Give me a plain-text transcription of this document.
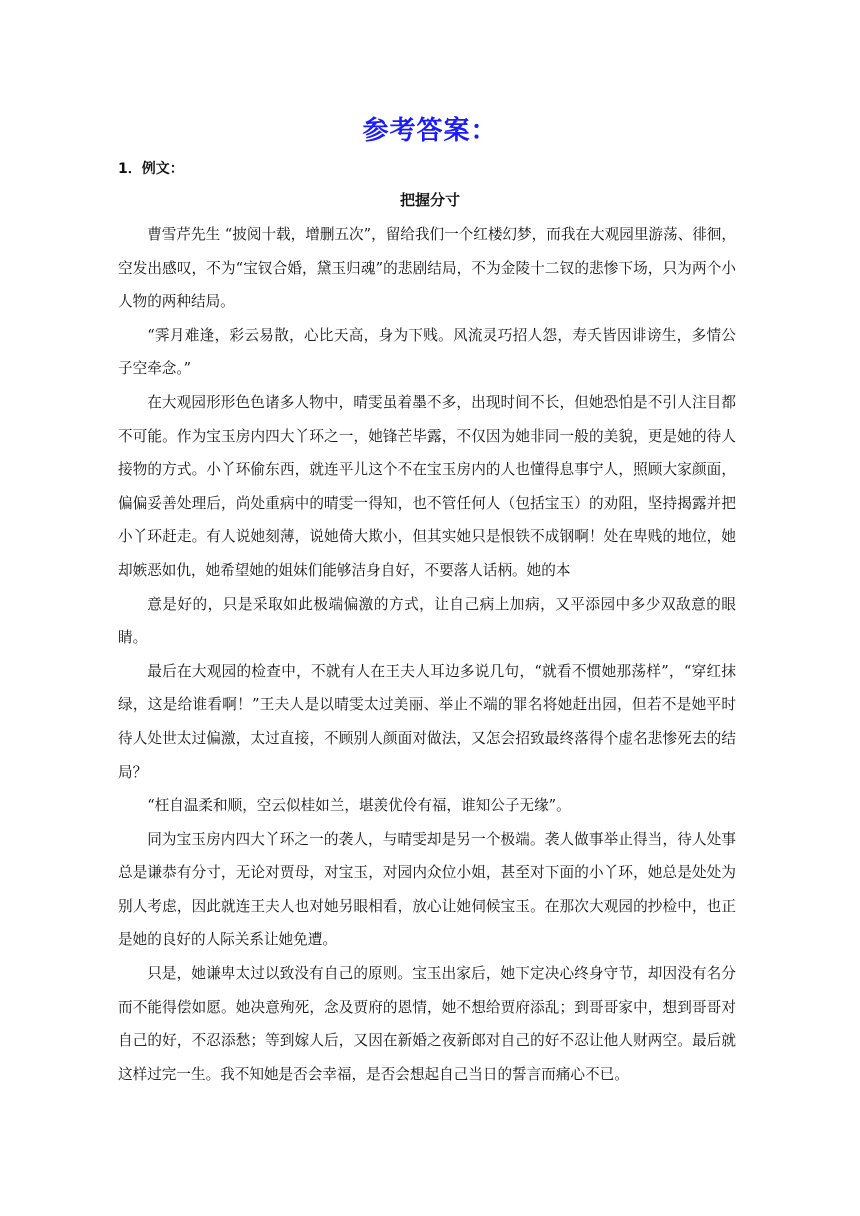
参考答案：
1．例文：
把握分寸

曹雪芹先生 “披阅十载，增删五次”，留给我们一个红楼幻梦，而我在大观园里游荡、徘徊，空发出感叹，不为“宝钗合婚，黛玉归魂”的悲剧结局，不为金陵十二钗的悲惨下场，只为两个小人物的两种结局。

“霁月难逢，彩云易散，心比天高，身为下贱。风流灵巧招人怨，寿夭皆因诽谤生，多情公子空牵念。”

在大观园形形色色诸多人物中，晴雯虽着墨不多，出现时间不长，但她恐怕是不引人注目都不可能。作为宝玉房内四大丫环之一，她锋芒毕露，不仅因为她非同一般的美貌，更是她的待人接物的方式。小丫环偷东西，就连平儿这个不在宝玉房内的人也懂得息事宁人，照顾大家颜面，偏偏妥善处理后，尚处重病中的晴雯一得知，也不管任何人（包括宝玉）的劝阻，坚持揭露并把小丫环赶走。有人说她刻薄，说她倚大欺小，但其实她只是恨铁不成钢啊！处在卑贱的地位，她却嫉恶如仇，她希望她的姐妹们能够洁身自好，不要落人话柄。她的本

意是好的，只是采取如此极端偏激的方式，让自己病上加病，又平添园中多少双敌意的眼睛。

最后在大观园的检查中，不就有人在王夫人耳边多说几句，“就看不惯她那荡样”，“穿红抹绿，这是给谁看啊！”王夫人是以晴雯太过美丽、举止不端的罪名将她赶出园，但若不是她平时待人处世太过偏激，太过直接，不顾别人颜面对做法，又怎会招致最终落得个虚名悲惨死去的结局？

“枉自温柔和顺，空云似桂如兰，堪羡优伶有福，谁知公子无缘”。

同为宝玉房内四大丫环之一的袭人，与晴雯却是另一个极端。袭人做事举止得当，待人处事总是谦恭有分寸，无论对贾母，对宝玉，对园内众位小姐，甚至对下面的小丫环，她总是处处为别人考虑，因此就连王夫人也对她另眼相看，放心让她伺候宝玉。在那次大观园的抄检中，也正是她的良好的人际关系让她免遭。

只是，她谦卑太过以致没有自己的原则。宝玉出家后，她下定决心终身守节，却因没有名分而不能得偿如愿。她决意殉死，念及贾府的恩情，她不想给贾府添乱；到哥哥家中，想到哥哥对自己的好，不忍添愁；等到嫁人后，又因在新婚之夜新郎对自己的好不忍让他人财两空。最后就这样过完一生。我不知她是否会幸福，是否会想起自己当日的誓言而痛心不已。
